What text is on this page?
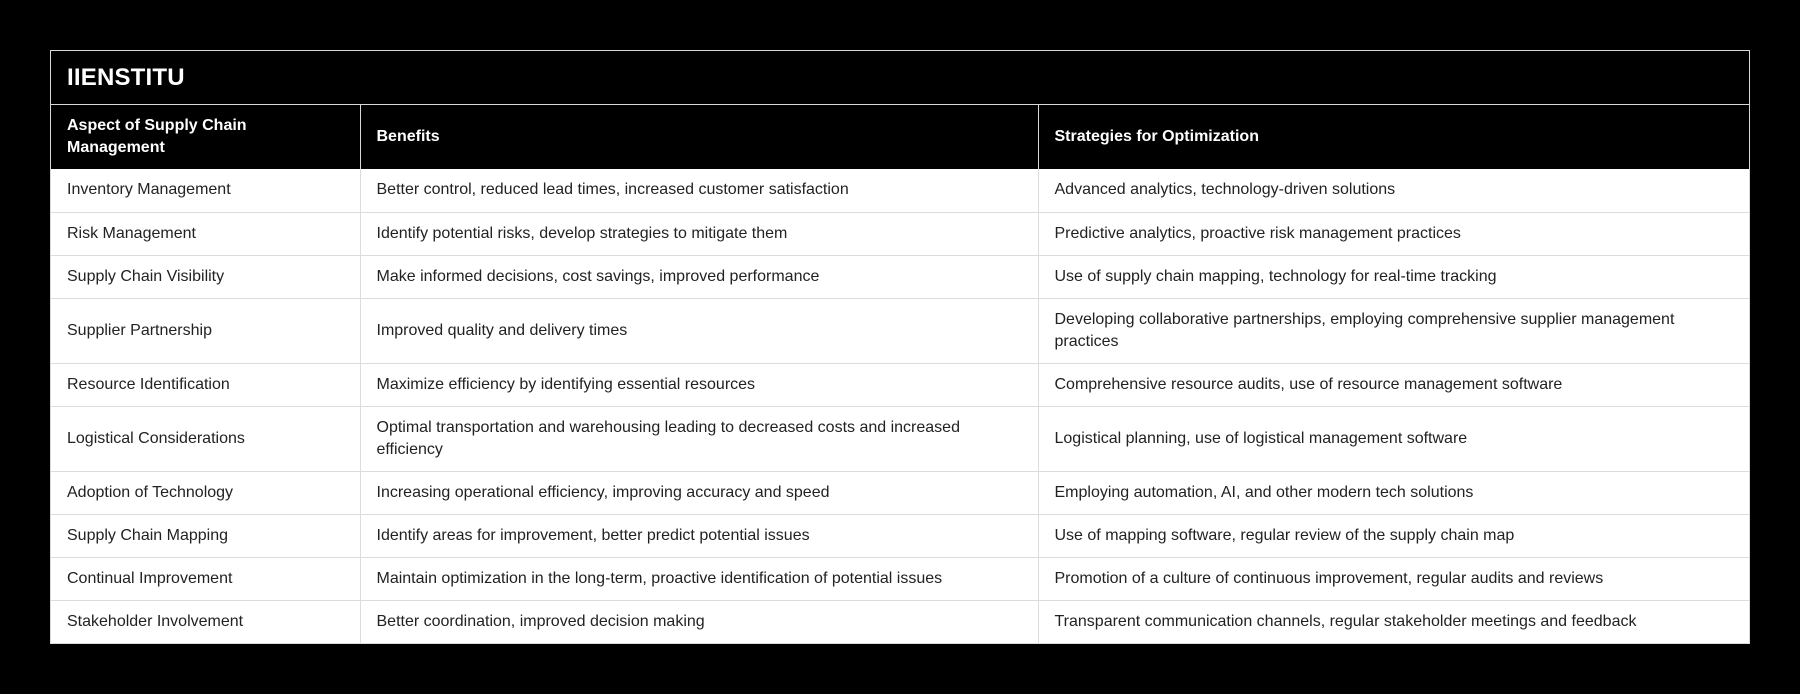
IIENSTITU
Aspect of Supply Chain Management	Benefits	Strategies for Optimization
Inventory Management	Better control, reduced lead times, increased customer satisfaction	Advanced analytics, technology-driven solutions
Risk Management	Identify potential risks, develop strategies to mitigate them	Predictive analytics, proactive risk management practices
Supply Chain Visibility	Make informed decisions, cost savings, improved performance	Use of supply chain mapping, technology for real-time tracking
Supplier Partnership	Improved quality and delivery times	Developing collaborative partnerships, employing comprehensive supplier management practices
Resource Identification	Maximize efficiency by identifying essential resources	Comprehensive resource audits, use of resource management software
Logistical Considerations	Optimal transportation and warehousing leading to decreased costs and increased efficiency	Logistical planning, use of logistical management software
Adoption of Technology	Increasing operational efficiency, improving accuracy and speed	Employing automation, AI, and other modern tech solutions
Supply Chain Mapping	Identify areas for improvement, better predict potential issues	Use of mapping software, regular review of the supply chain map
Continual Improvement	Maintain optimization in the long-term, proactive identification of potential issues	Promotion of a culture of continuous improvement, regular audits and reviews
Stakeholder Involvement	Better coordination, improved decision making	Transparent communication channels, regular stakeholder meetings and feedback
